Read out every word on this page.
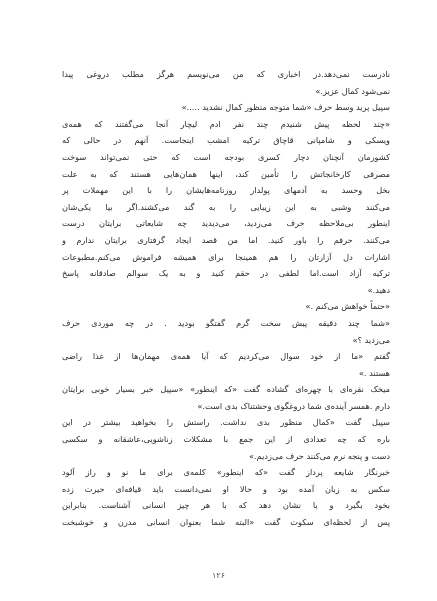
نادرست نمی‌دهد.در اخباری که من می‌نویسم هرگز مطلب دروغی پیدا
نمی‌شود کمال عزیز.»
سپیل پرید وسط حرف «شما متوجه منظور کمال نشدید .....»
«چند لحظه پیش شنیدم چند نفر ادم لیچار آنجا می‌گفتند که همه‌ی
ویسکی و شامپانی قاچاق ترکیه امشب اینجاست. آنهم در حالی که
کشورمان آنچنان دچار کسری بودجه است که حتی نمی‌تواند سوخت
مصرفی کارخانجاتش را تأمین کند، اینها همان‌هایی هستند که به علت
بخل وحسد به آدمهای پولدار روزنامه‌هایشان را با این مهملات پر
می‌کنند وشبی به این زیبایی را به گند می‌کشند.اگر بیا یکی‌شان
اینطور بی‌ملاحظه حرف می‌زدید، می‌دیدید چه شایعاتی برایتان درست
می‌کنند. حرفم را باور کنید. اما من قصد ایجاد گرفتاری برایتان ندارم و
اشارات دل آزارتان را هم همینجا برای همیشه فراموش می‌کنم.مطبوعات
ترکیه آزاد است.اما لطفی در حقم کنید و به یک سوالم صادقانه پاسخ
دهید.»
«حتماً خواهش می‌کنم .»
«شما چند دقیقه پیش سخت گرم گفتگو بودید . در چه موردی حرف
می‌زدید ؟»
گفتم «ما از خود سوال می‌کردیم که آیا همه‌ی مهمان‌ها از غذا راضی
هستند .»
میخک نقره‌ای با چهره‌ای گشاده گفت «که اینطور» «سپیل خبر بسیار خوبی برایتان
دارم .همسر آینده‌ی شما دروغگوی وحشتناک بدی است.»
سپیل گفت «کمال منظور بدی نداشت. راستش را بخواهید بیشتر در این
باره که چه تعدادی از این جمع با مشکلات زناشویی،عاشقانه و سکسی
دست و پنجه نرم می‌کنند حرف می‌زدیم.»
خبرنگار شایعه پرداز گفت «که اینطور» کلمه‌ی برای ما نو و راز آلود
سکس به زبان آمده بود و حالا او نمی‌دانست باید قیافه‌ای حیرت زده
بخود بگیرد و یا نشان دهد که با هر چیز انسانی آشناست. بنابراین
پس از لحظه‌ای سکوت گفت «البته شما بعنوان انسانی مدرن و خوشبخت
۱۲۶
